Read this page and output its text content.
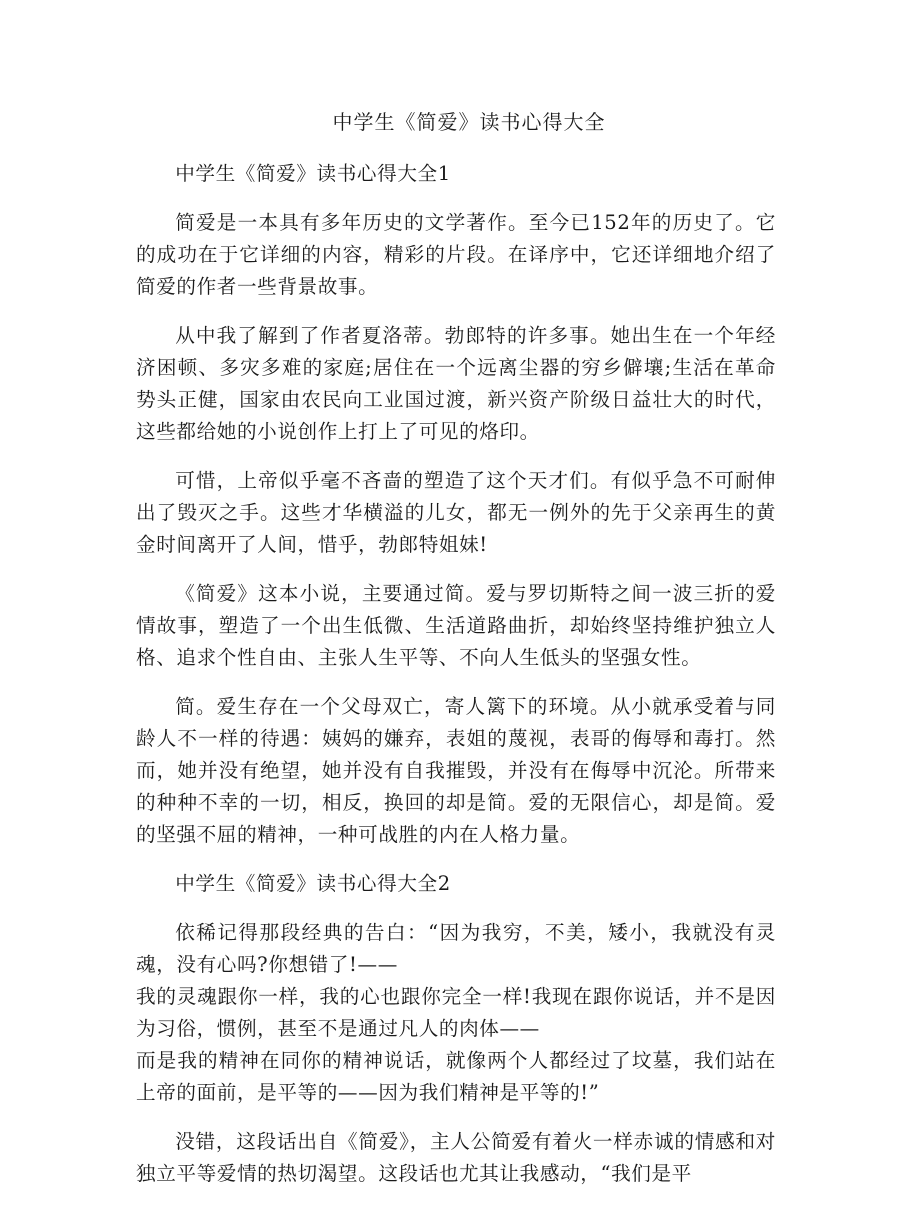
中学生《简爱》读书心得大全
中学生《简爱》读书心得大全1

简爱是一本具有多年历史的文学著作。至今已152年的历史了。它的成功在于它详细的内容，精彩的片段。在译序中，它还详细地介绍了简爱的作者一些背景故事。

从中我了解到了作者夏洛蒂。勃郎特的许多事。她出生在一个年经济困顿、多灾多难的家庭;居住在一个远离尘器的穷乡僻壤;生活在革命势头正健，国家由农民向工业国过渡，新兴资产阶级日益壮大的时代，这些都给她的小说创作上打上了可见的烙印。

可惜，上帝似乎毫不吝啬的塑造了这个天才们。有似乎急不可耐伸出了毁灭之手。这些才华横溢的儿女，都无一例外的先于父亲再生的黄金时间离开了人间，惜乎，勃郎特姐妹!

《简爱》这本小说，主要通过简。爱与罗切斯特之间一波三折的爱情故事，塑造了一个出生低微、生活道路曲折，却始终坚持维护独立人格、追求个性自由、主张人生平等、不向人生低头的坚强女性。

简。爱生存在一个父母双亡，寄人篱下的环境。从小就承受着与同龄人不一样的待遇：姨妈的嫌弃，表姐的蔑视，表哥的侮辱和毒打。然而，她并没有绝望，她并没有自我摧毁，并没有在侮辱中沉沦。所带来的种种不幸的一切，相反，换回的却是简。爱的无限信心，却是简。爱的坚强不屈的精神，一种可战胜的内在人格力量。

中学生《简爱》读书心得大全2

依稀记得那段经典的告白：“因为我穷，不美，矮小，我就没有灵魂，没有心吗?你想错了!——
我的灵魂跟你一样，我的心也跟你完全一样!我现在跟你说话，并不是因为习俗，惯例，甚至不是通过凡人的肉体——
而是我的精神在同你的精神说话，就像两个人都经过了坟墓，我们站在上帝的面前，是平等的——因为我们精神是平等的!”

没错，这段话出自《简爱》，主人公简爱有着火一样赤诚的情感和对独立平等爱情的热切渴望。这段话也尤其让我感动，“我们是平
